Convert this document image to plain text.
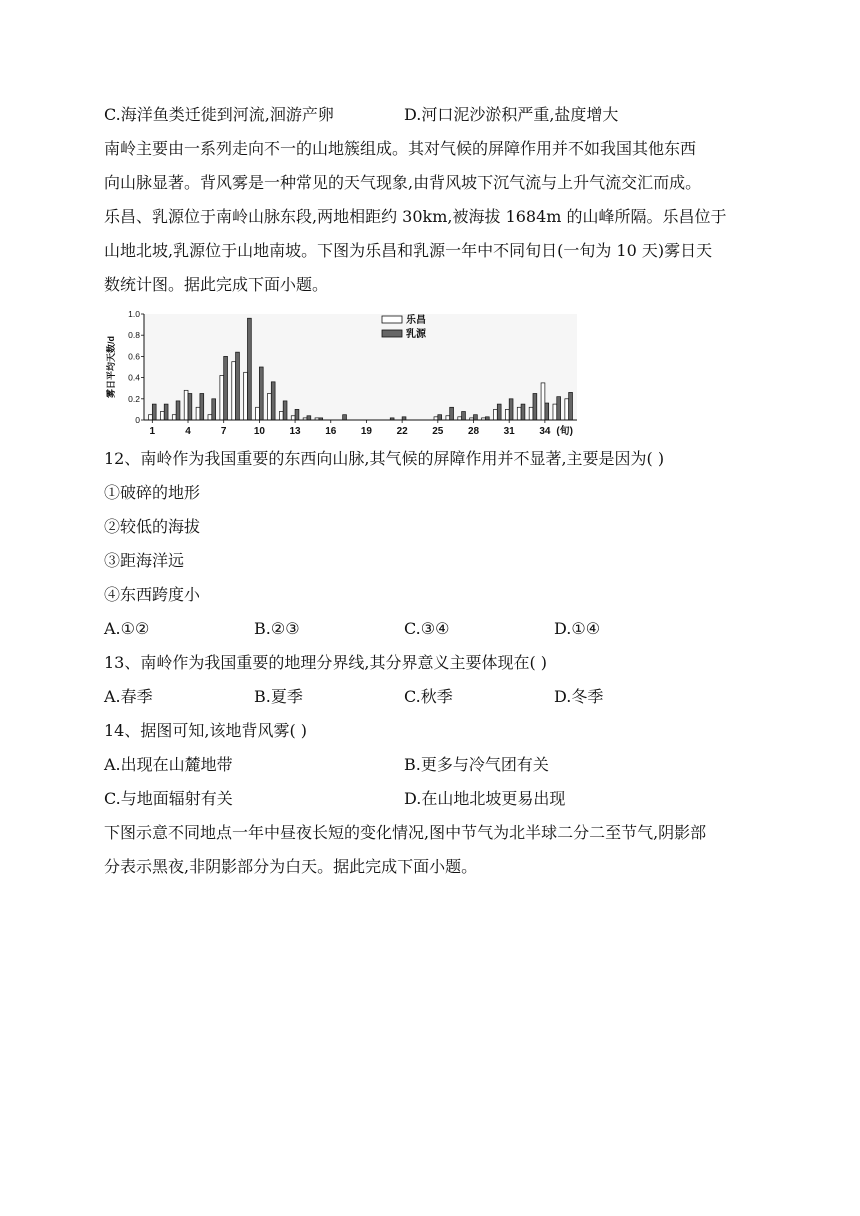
C.海洋鱼类迁徙到河流,洄游产卵	D.河口泥沙淤积严重,盐度增大
南岭主要由一系列走向不一的山地簇组成。其对气候的屏障作用并不如我国其他东西
向山脉显著。背风雾是一种常见的天气现象,由背风坡下沉气流与上升气流交汇而成。
乐昌、乳源位于南岭山脉东段,两地相距约 30km,被海拔 1684m 的山峰所隔。乐昌位于
山地北坡,乳源位于山地南坡。下图为乐昌和乳源一年中不同旬日(一旬为 10 天)雾日天
数统计图。据此完成下面小题。
0
0.2
0.4
0.6
0.8
1.0
1	4	7	10 13 16 19 22 25 28 31 34 (旬)
雾日平均天数/d
乐昌
乳源
12、南岭作为我国重要的东西向山脉,其气候的屏障作用并不显著,主要是因为( )
①破碎的地形
②较低的海拔
③距海洋远
④东西跨度小
A.①②	B.②③	C.③④	D.①④
13、南岭作为我国重要的地理分界线,其分界意义主要体现在( )
A.春季	B.夏季	C.秋季	D.冬季
14、据图可知,该地背风雾( )
A.出现在山麓地带	B.更多与冷气团有关
C.与地面辐射有关	D.在山地北坡更易出现
下图示意不同地点一年中昼夜长短的变化情况,图中节气为北半球二分二至节气,阴影部
分表示黑夜,非阴影部分为白天。据此完成下面小题。
